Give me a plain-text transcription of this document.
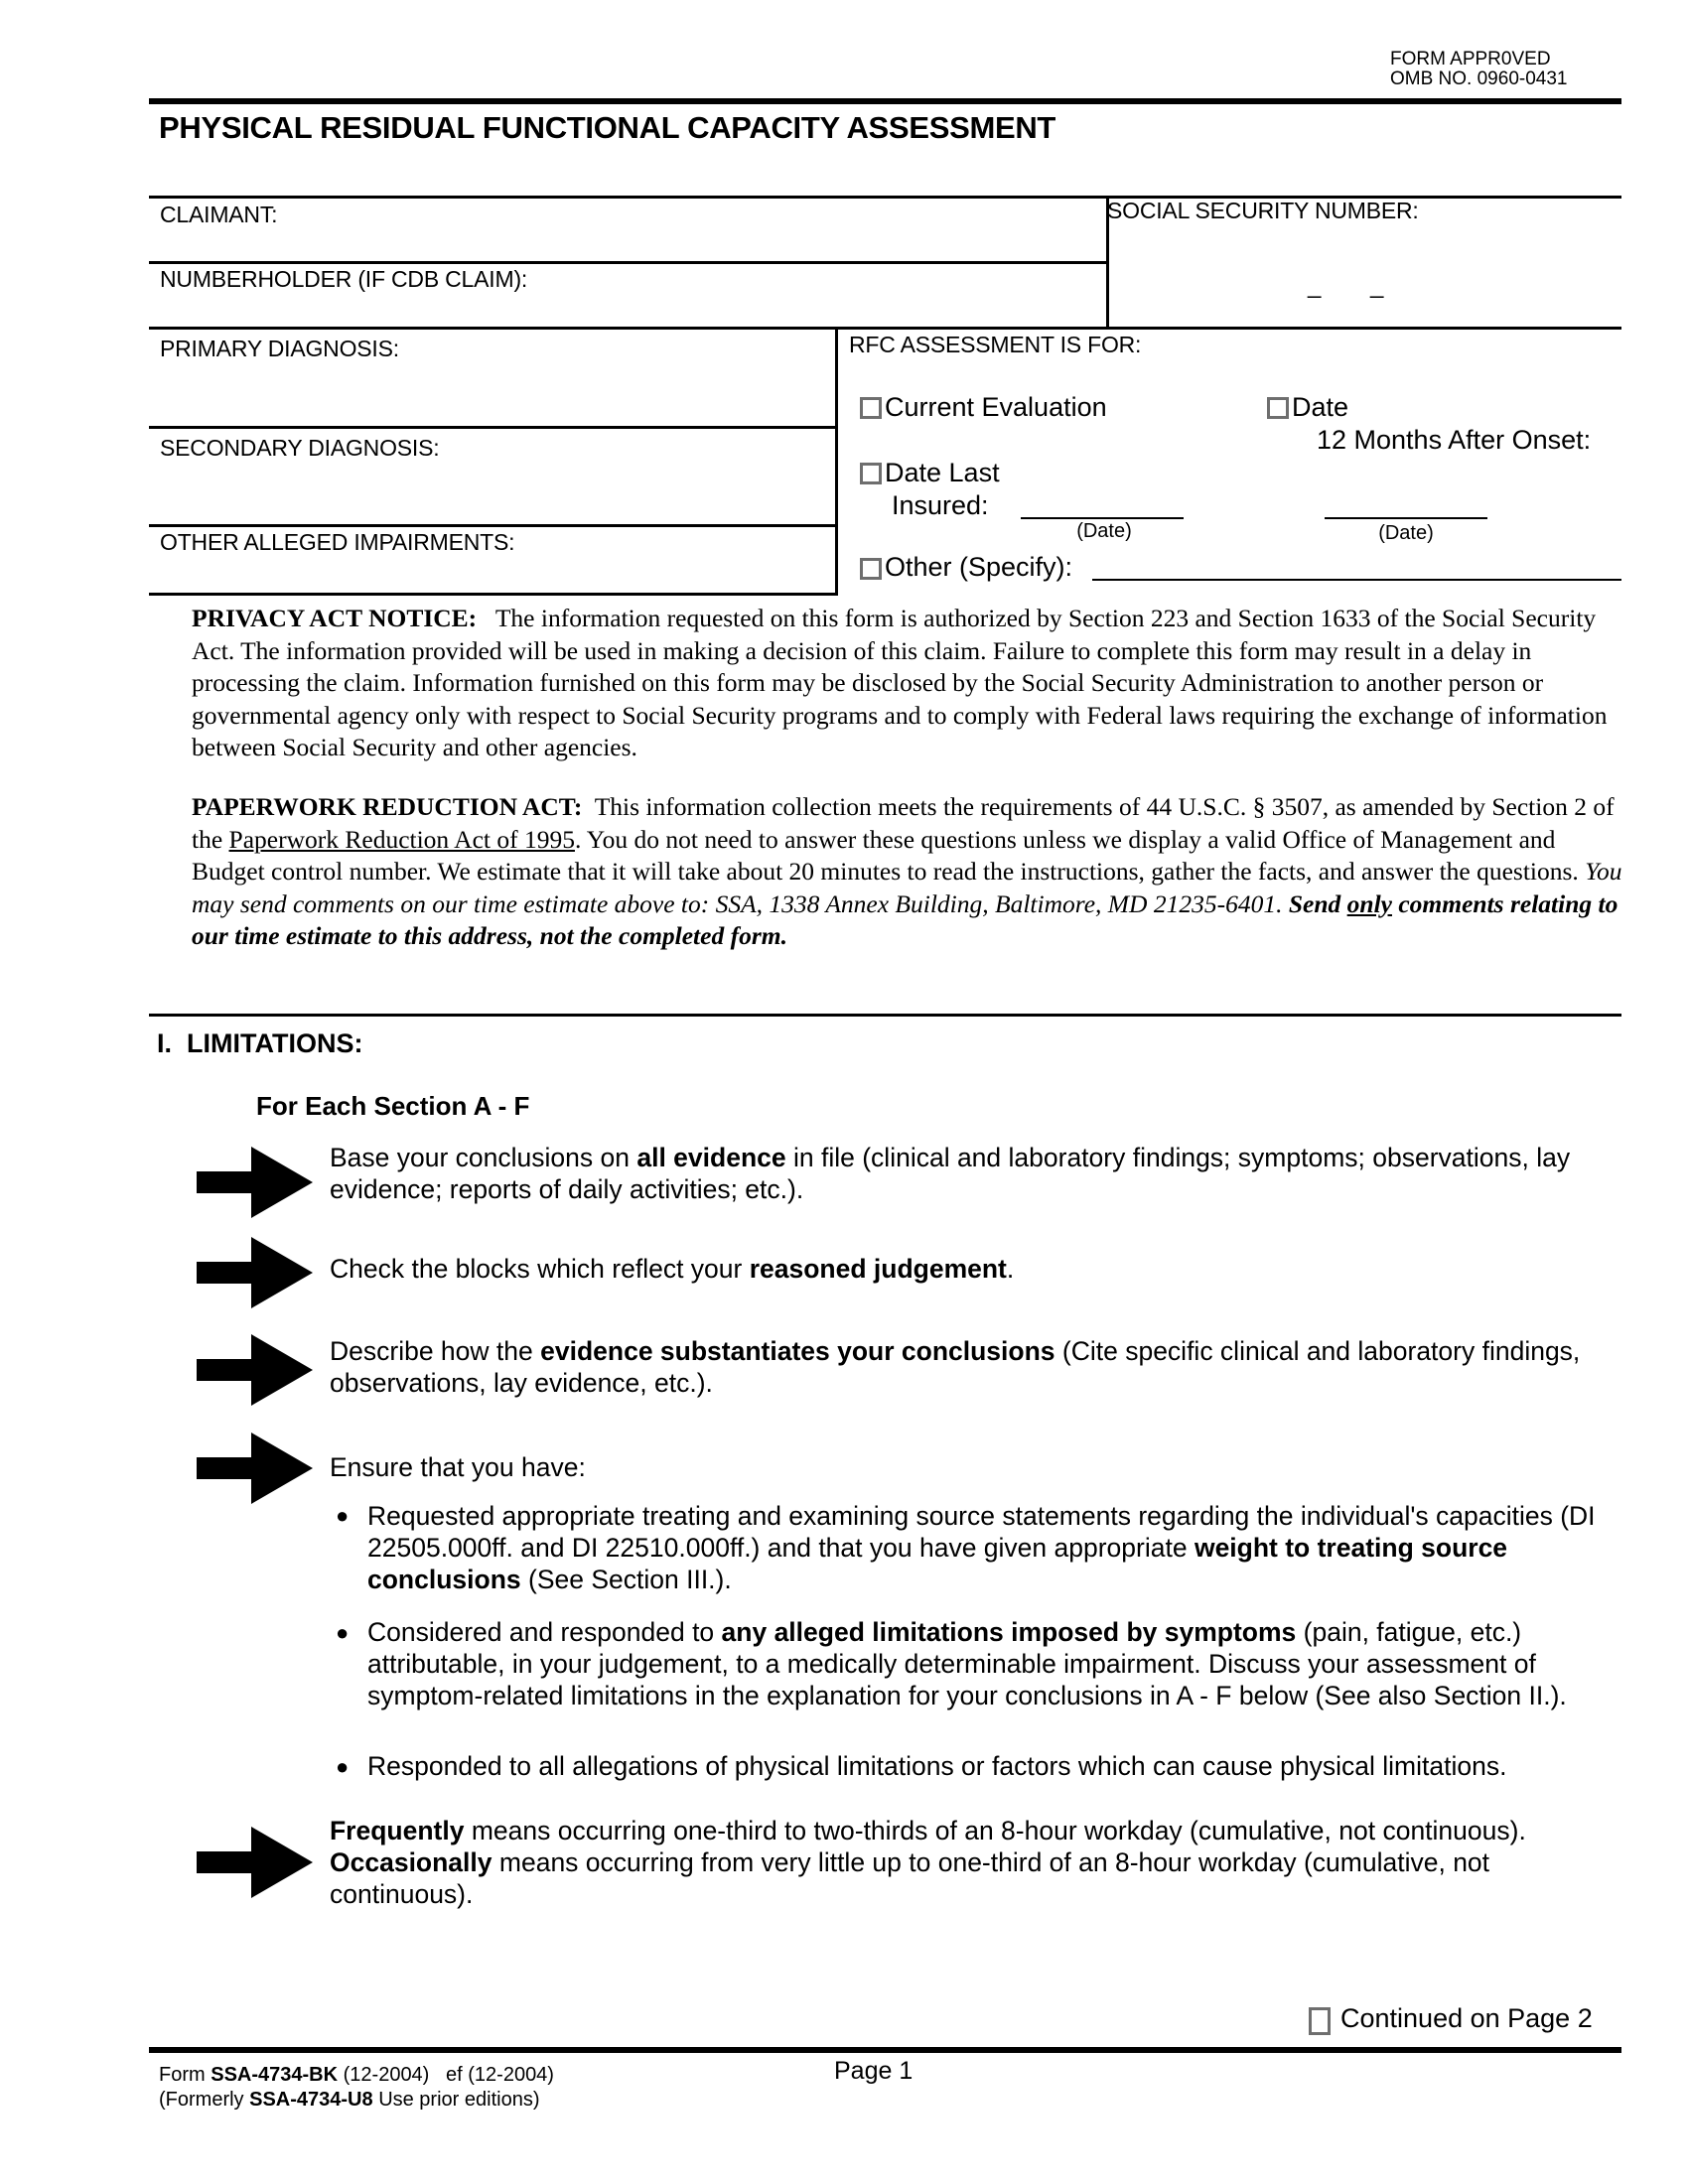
FORM APPR0VED
OMB NO. 0960-0431
PHYSICAL RESIDUAL FUNCTIONAL CAPACITY ASSESSMENT
CLAIMANT:
NUMBERHOLDER (IF CDB CLAIM):
SOCIAL SECURITY NUMBER:
_ _
PRIMARY DIAGNOSIS:
SECONDARY DIAGNOSIS:
OTHER ALLEGED IMPAIRMENTS:
RFC ASSESSMENT IS FOR:
Current Evaluation	Date
12 Months After Onset:
Date Last
Insured:
(Date)	(Date)
Other (Specify):
PRIVACY ACT NOTICE: The information requested on this form is authorized by Section 223 and Section 1633 of the Social Security Act. The information provided will be used in making a decision of this claim. Failure to complete this form may result in a delay in processing the claim. Information furnished on this form may be disclosed by the Social Security Administration to another person or governmental agency only with respect to Social Security programs and to comply with Federal laws requiring the exchange of information between Social Security and other agencies.
PAPERWORK REDUCTION ACT: This information collection meets the requirements of 44 U.S.C. § 3507, as amended by Section 2 of the Paperwork Reduction Act of 1995. You do not need to answer these questions unless we display a valid Office of Management and Budget control number. We estimate that it will take about 20 minutes to read the instructions, gather the facts, and answer the questions. You may send comments on our time estimate above to: SSA, 1338 Annex Building, Baltimore, MD 21235-6401. Send only comments relating to our time estimate to this address, not the completed form.
I.  LIMITATIONS:
For Each Section A - F
Base your conclusions on all evidence in file (clinical and laboratory findings; symptoms; observations, lay evidence; reports of daily activities; etc.).
Check the blocks which reflect your reasoned judgement.
Describe how the evidence substantiates your conclusions (Cite specific clinical and laboratory findings, observations, lay evidence, etc.).
Ensure that you have:
● Requested appropriate treating and examining source statements regarding the individual's capacities (DI 22505.000ff. and DI 22510.000ff.) and that you have given appropriate weight to treating source conclusions (See Section III.).
● Considered and responded to any alleged limitations imposed by symptoms (pain, fatigue, etc.) attributable, in your judgement, to a medically determinable impairment. Discuss your assessment of symptom-related limitations in the explanation for your conclusions in A - F below (See also Section II.).
● Responded to all allegations of physical limitations or factors which can cause physical limitations.
Frequently means occurring one-third to two-thirds of an 8-hour workday (cumulative, not continuous).
Occasionally means occurring from very little up to one-third of an 8-hour workday (cumulative, not continuous).
Continued on Page 2
Form SSA-4734-BK (12-2004)   ef (12-2004)
(Formerly SSA-4734-U8 Use prior editions)
Page 1
